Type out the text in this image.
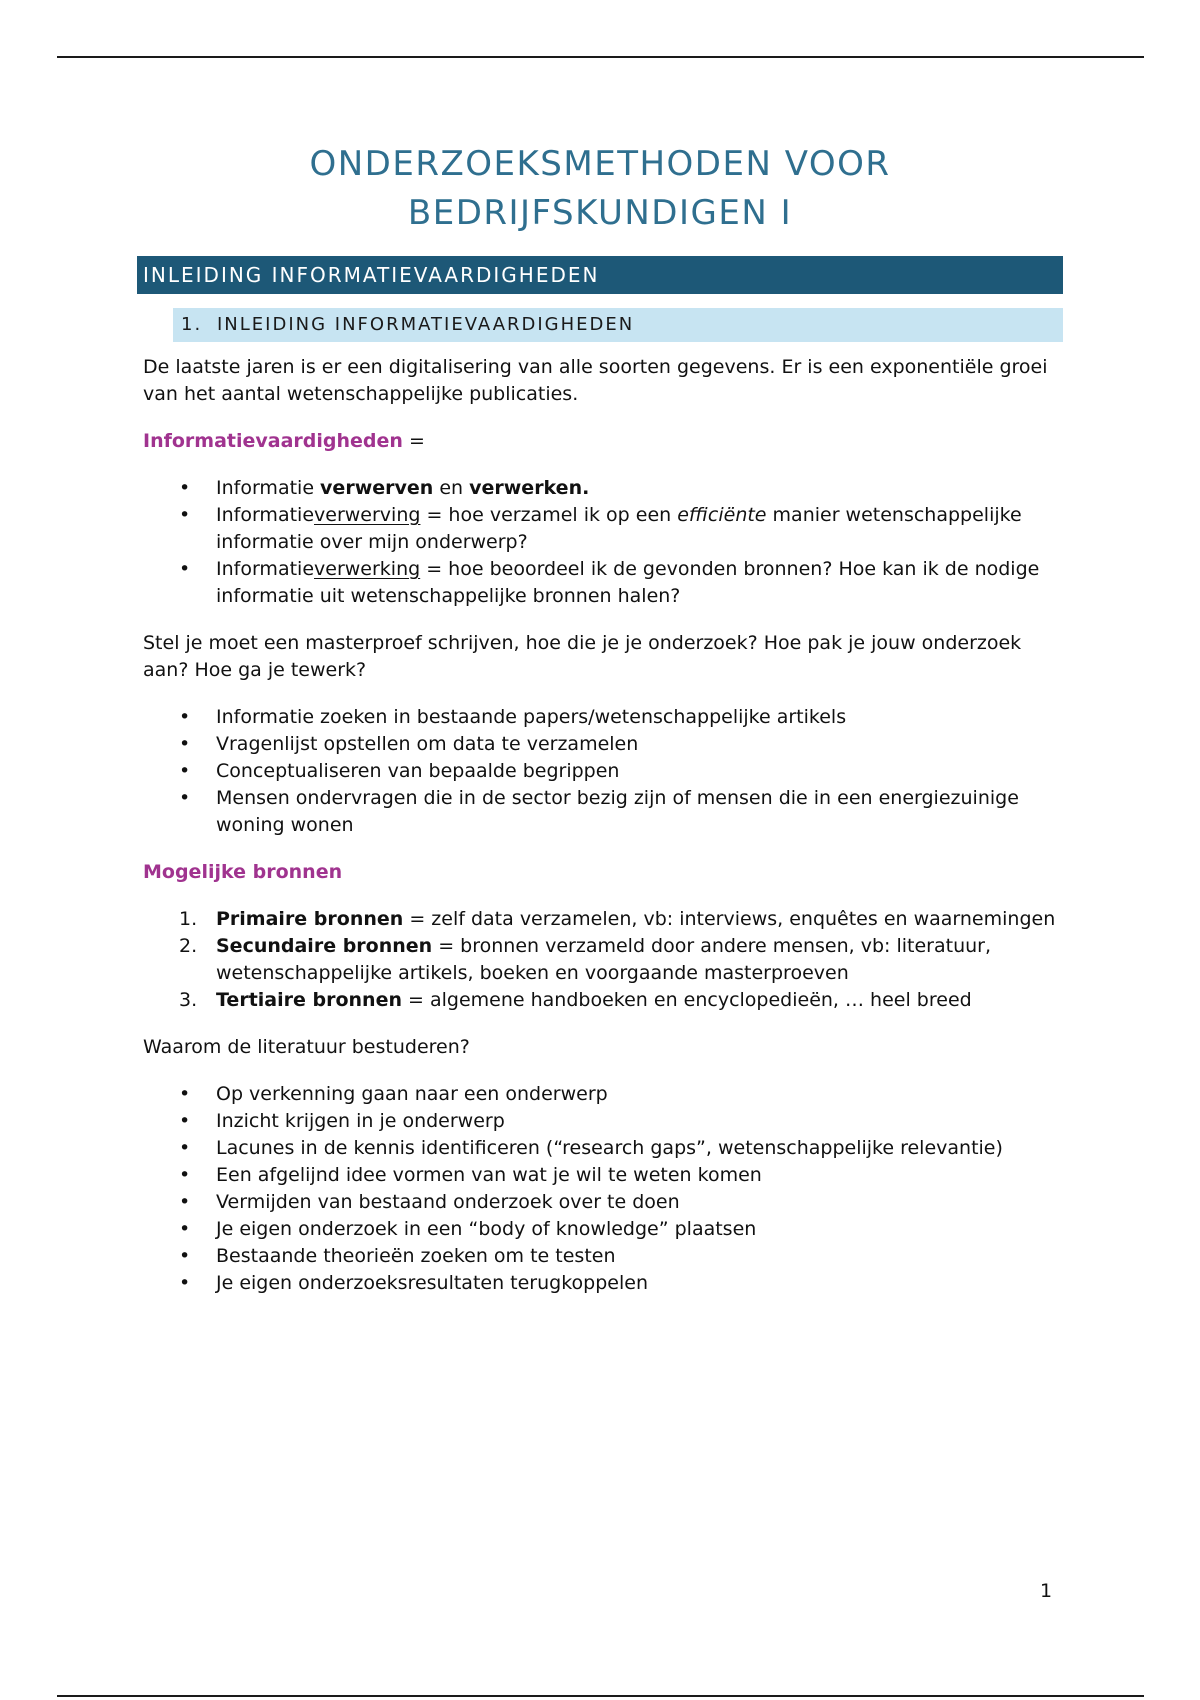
ONDERZOEKSMETHODEN VOOR
BEDRIJFSKUNDIGEN I
INLEIDING INFORMATIEVAARDIGHEDEN
1. INLEIDING INFORMATIEVAARDIGHEDEN

De laatste jaren is er een digitalisering van alle soorten gegevens. Er is een exponentiële groei van het aantal wetenschappelijke publicaties.

Informatievaardigheden =

• Informatie verwerven en verwerken.
• Informatieverwerving = hoe verzamel ik op een efficiënte manier wetenschappelijke informatie over mijn onderwerp?
• Informatieverwerking = hoe beoordeel ik de gevonden bronnen? Hoe kan ik de nodige informatie uit wetenschappelijke bronnen halen?

Stel je moet een masterproef schrijven, hoe die je je onderzoek? Hoe pak je jouw onderzoek aan? Hoe ga je tewerk?

• Informatie zoeken in bestaande papers/wetenschappelijke artikels
• Vragenlijst opstellen om data te verzamelen
• Conceptualiseren van bepaalde begrippen
• Mensen ondervragen die in de sector bezig zijn of mensen die in een energiezuinige woning wonen

Mogelijke bronnen

1. Primaire bronnen = zelf data verzamelen, vb: interviews, enquêtes en waarnemingen
2. Secundaire bronnen = bronnen verzameld door andere mensen, vb: literatuur, wetenschappelijke artikels, boeken en voorgaande masterproeven
3. Tertiaire bronnen = algemene handboeken en encyclopedieën, … heel breed

Waarom de literatuur bestuderen?

• Op verkenning gaan naar een onderwerp
• Inzicht krijgen in je onderwerp
• Lacunes in de kennis identificeren (“research gaps”, wetenschappelijke relevantie)
• Een afgelijnd idee vormen van wat je wil te weten komen
• Vermijden van bestaand onderzoek over te doen
• Je eigen onderzoek in een “body of knowledge” plaatsen
• Bestaande theorieën zoeken om te testen
• Je eigen onderzoeksresultaten terugkoppelen
1
